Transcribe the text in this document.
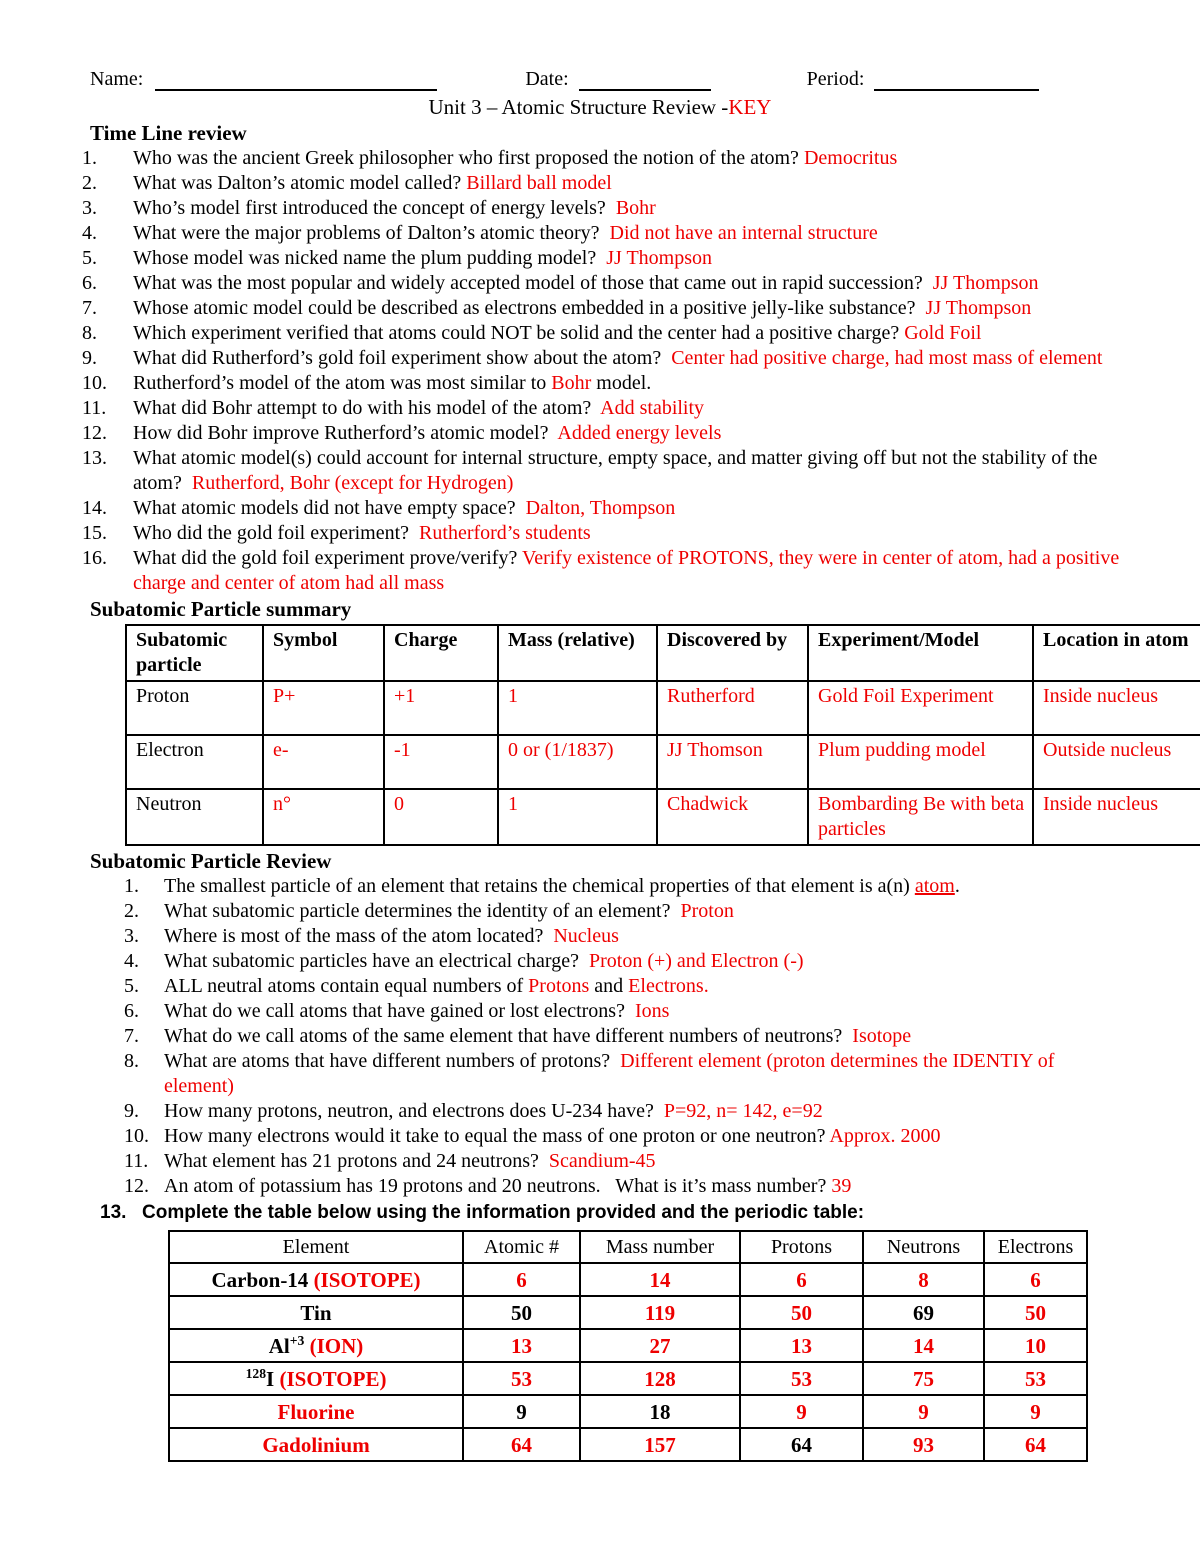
Name:	Date:	Period:
Unit 3 – Atomic Structure Review -KEY
Time Line review
1.	Who was the ancient Greek philosopher who first proposed the notion of the atom? Democritus
2.	What was Dalton’s atomic model called? Billard ball model
3.	Who’s model first introduced the concept of energy levels?  Bohr
4.	What were the major problems of Dalton’s atomic theory?  Did not have an internal structure
5.	Whose model was nicked name the plum pudding model?  JJ Thompson
6.	What was the most popular and widely accepted model of those that came out in rapid succession?  JJ Thompson
7.	Whose atomic model could be described as electrons embedded in a positive jelly-like substance?  JJ Thompson
8.	Which experiment verified that atoms could NOT be solid and the center had a positive charge? Gold Foil
9.	What did Rutherford’s gold foil experiment show about the atom?  Center had positive charge, had most mass of element
10.	Rutherford’s model of the atom was most similar to Bohr model.
11.	What did Bohr attempt to do with his model of the atom?  Add stability
12.	How did Bohr improve Rutherford’s atomic model?  Added energy levels
13.	What atomic model(s) could account for internal structure, empty space, and matter giving off but not the stability of the atom?  Rutherford, Bohr (except for Hydrogen)
14.	What atomic models did not have empty space?  Dalton, Thompson
15.	Who did the gold foil experiment?  Rutherford’s students
16.	What did the gold foil experiment prove/verify? Verify existence of PROTONS, they were in center of atom, had a positive charge and center of atom had all mass
Subatomic Particle summary
Subatomic particle	Symbol	Charge	Mass (relative)	Discovered by	Experiment/Model	Location in atom
Proton	P+	+1	1	Rutherford	Gold Foil Experiment	Inside nucleus
Electron	e-	-1	0 or (1/1837)	JJ Thomson	Plum pudding model	Outside nucleus
Neutron	n°	0	1	Chadwick	Bombarding Be with beta particles	Inside nucleus
Subatomic Particle Review
1.	The smallest particle of an element that retains the chemical properties of that element is a(n) atom.
2.	What subatomic particle determines the identity of an element?  Proton
3.	Where is most of the mass of the atom located?  Nucleus
4.	What subatomic particles have an electrical charge?  Proton (+) and Electron (-)
5.	ALL neutral atoms contain equal numbers of Protons and Electrons.
6.	What do we call atoms that have gained or lost electrons?  Ions
7.	What do we call atoms of the same element that have different numbers of neutrons?  Isotope
8.	What are atoms that have different numbers of protons?  Different element (proton determines the IDENTIY of element)
9.	How many protons, neutron, and electrons does U-234 have?  P=92, n= 142, e=92
10. How many electrons would it take to equal the mass of one proton or one neutron? Approx. 2000
11. What element has 21 protons and 24 neutrons?  Scandium-45
12. An atom of potassium has 19 protons and 20 neutrons.   What is it’s mass number? 39
13. Complete the table below using the information provided and the periodic table:
Element	Atomic #	Mass number	Protons	Neutrons	Electrons
Carbon-14 (ISOTOPE)	6	14	6	8	6
Tin	50	119	50	69	50
$Al^{+3}$ (ION)	13	27	13	14	10
$^{128}$I (ISOTOPE)	53	128	53	75	53
Fluorine	9	18	9	9	9
Gadolinium	64	157	64	93	64
